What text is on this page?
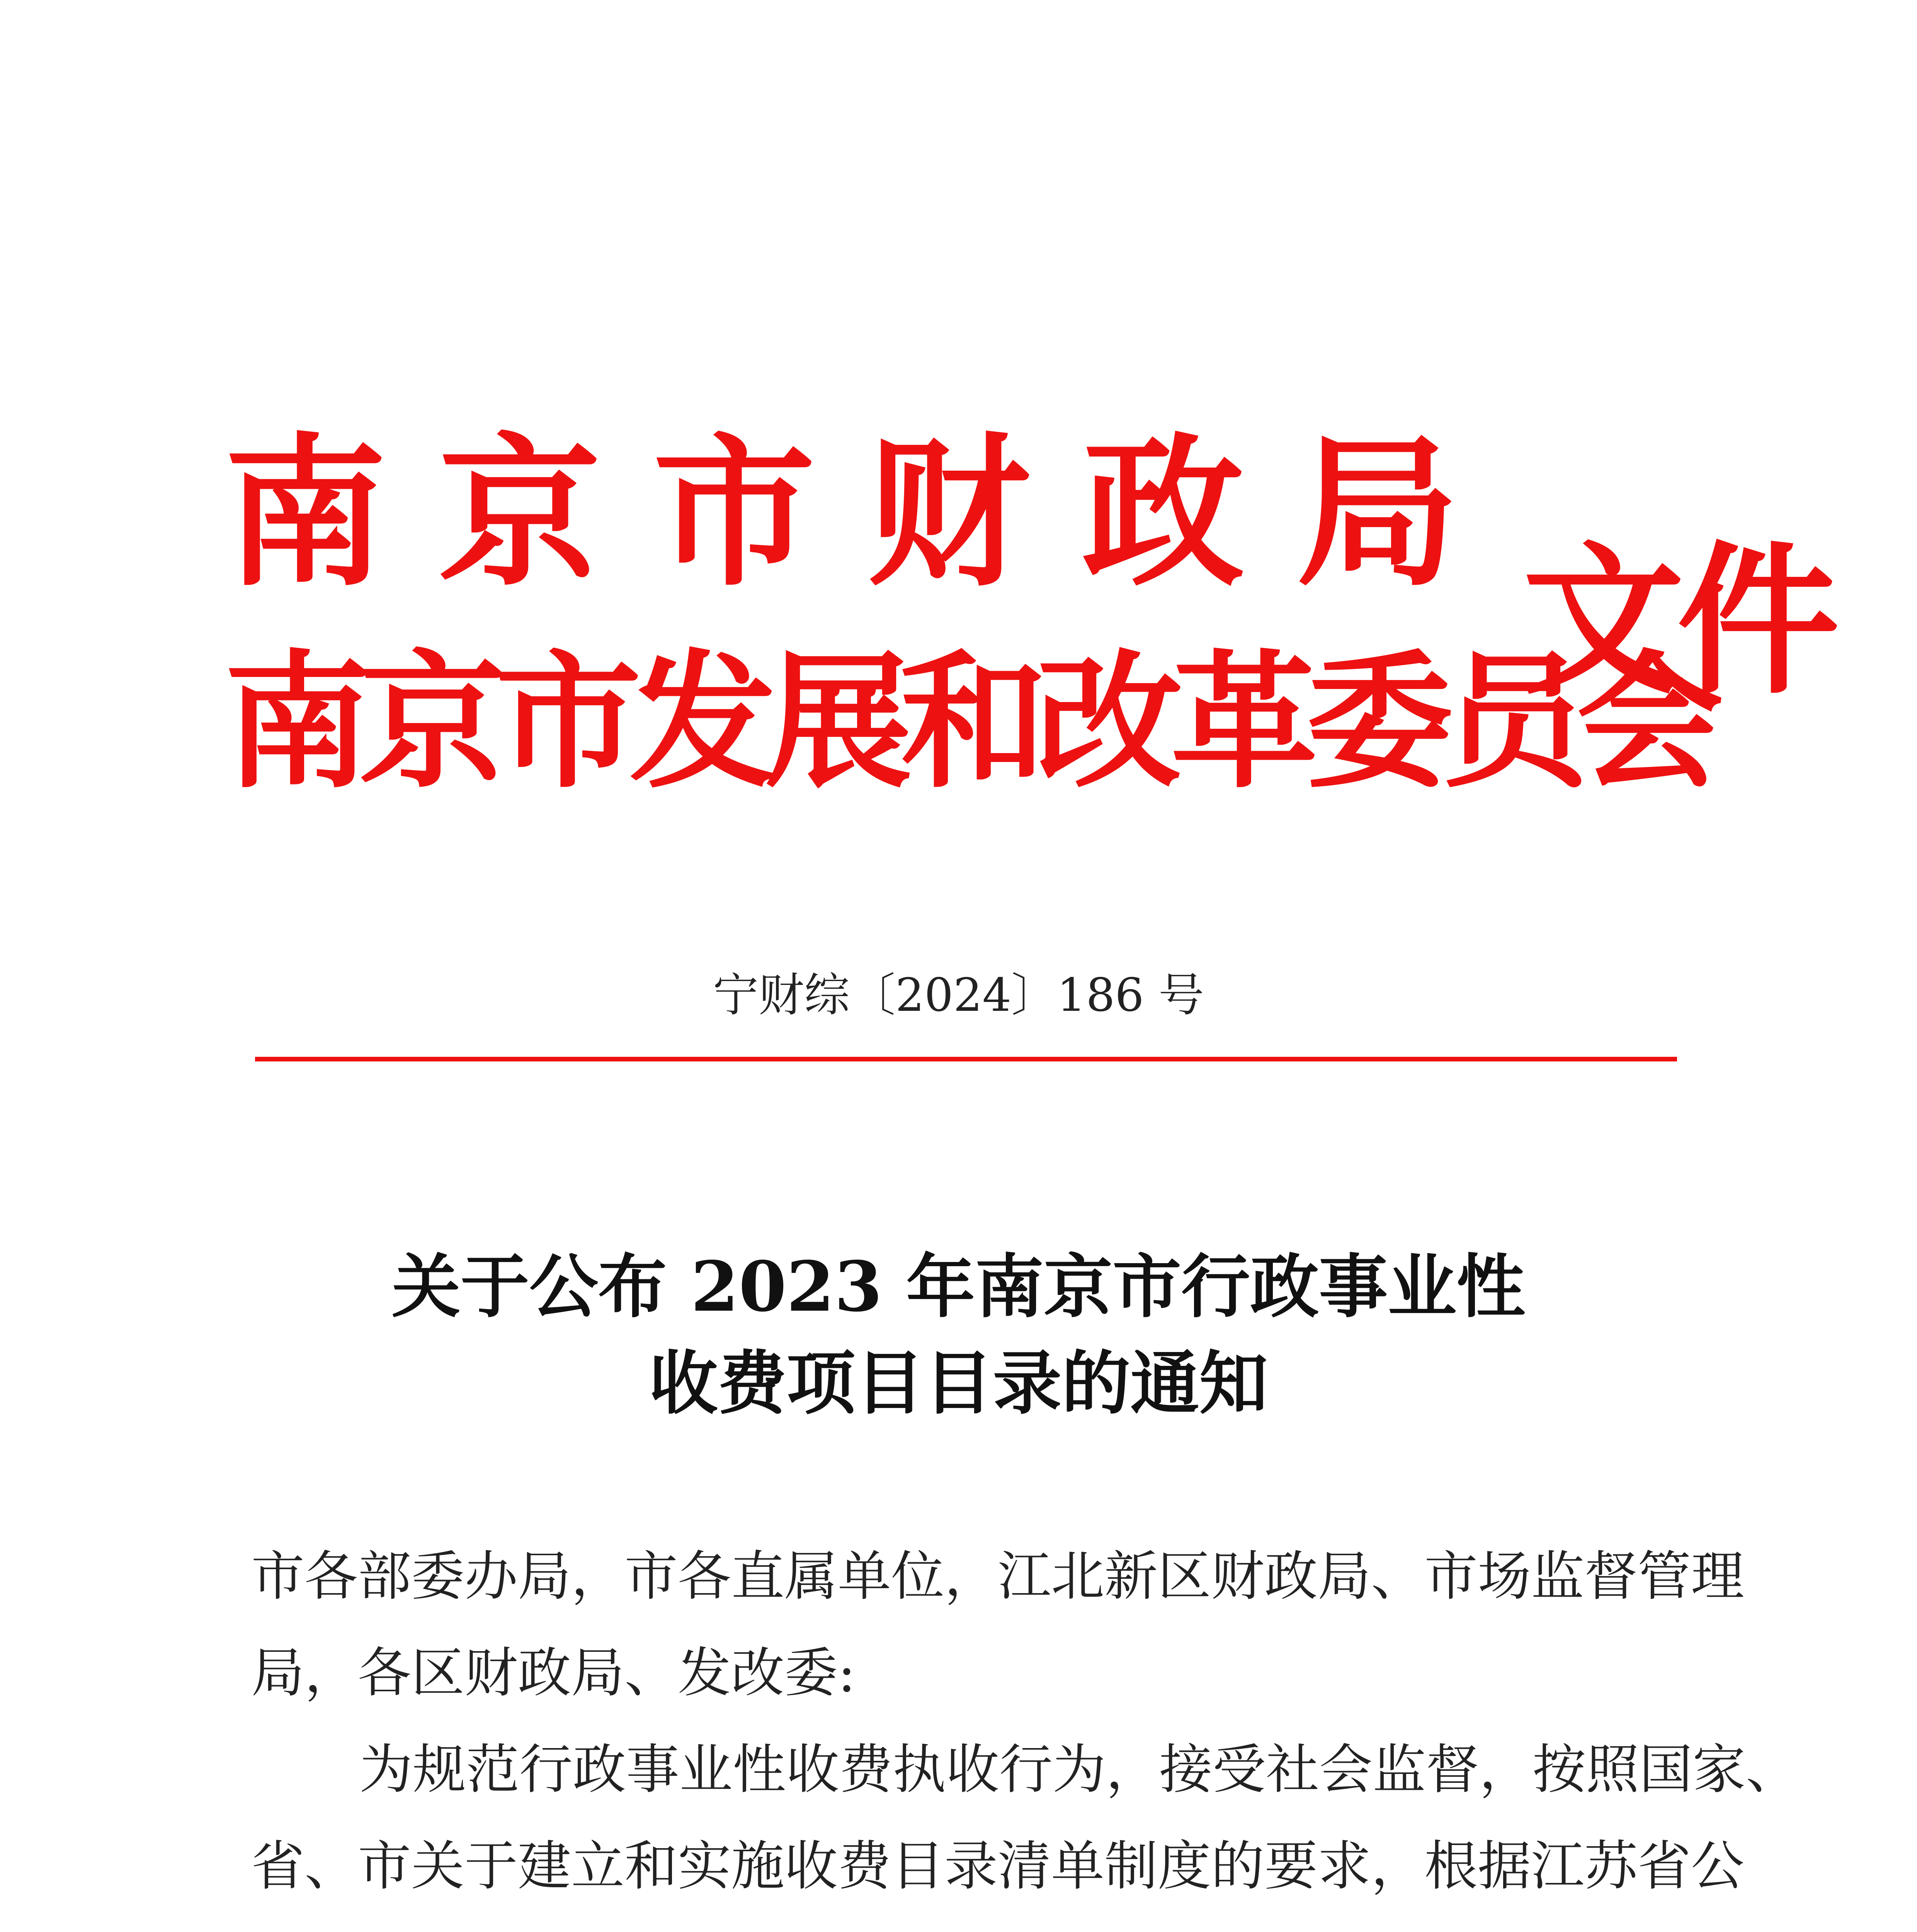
南京市财政局
南京市发展和改革委员会
文件
宁财综〔2024〕186 号
关于公布 2023 年南京市行政事业性
收费项目目录的通知
市各部委办局，市各直属单位，江北新区财政局、市场监督管理
局，各区财政局、发改委:
为规范行政事业性收费执收行为，接受社会监督，按照国家、
省、市关于建立和实施收费目录清单制度的要求，根据江苏省公
